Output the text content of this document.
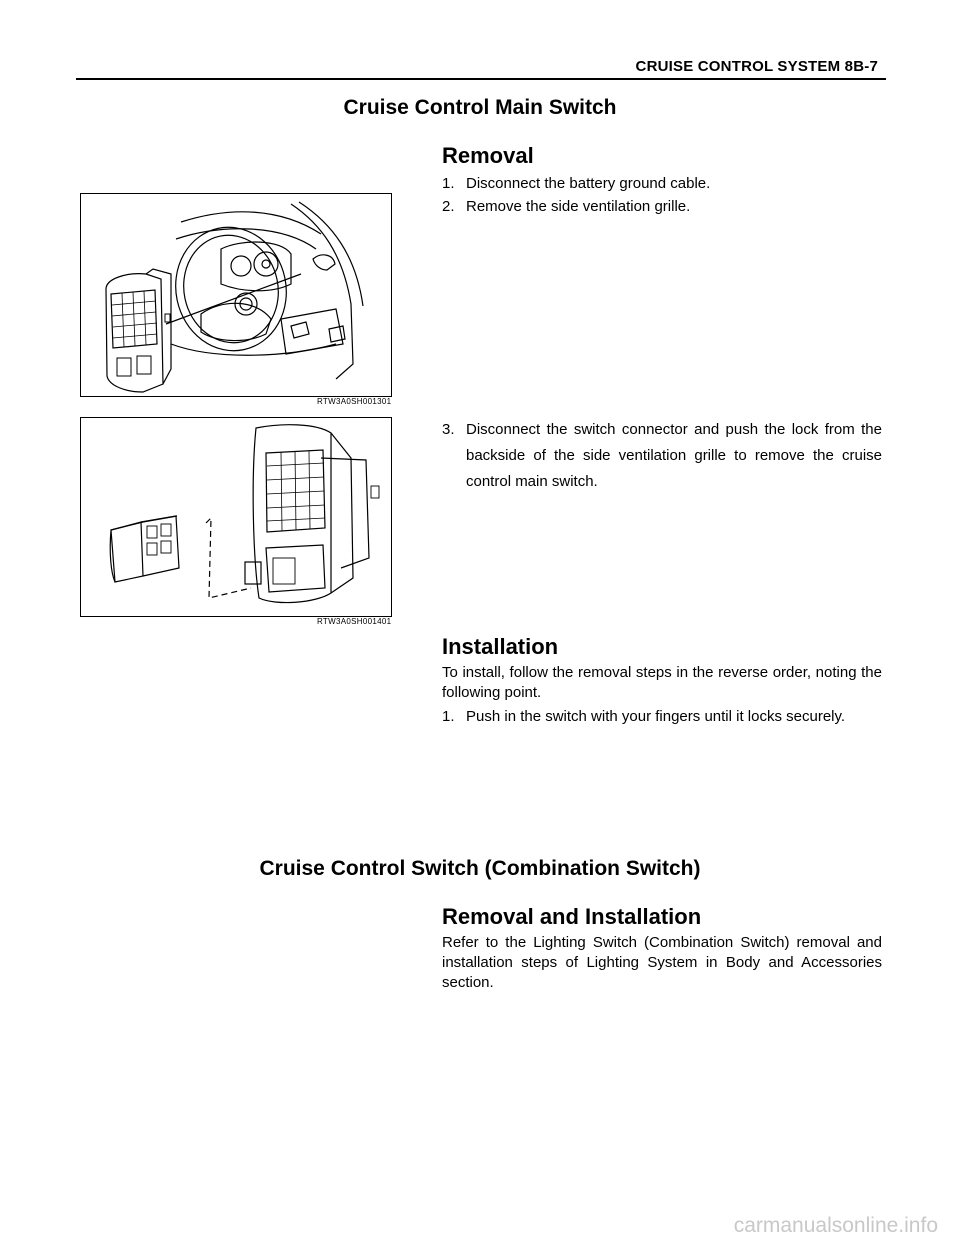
CRUISE CONTROL SYSTEM 8B-7
Cruise Control Main Switch
Removal
1. Disconnect the battery ground cable.
2. Remove the side ventilation grille.
RTW3A0SH001301
3. Disconnect the switch connector and push the lock from the backside of the side ventilation grille to remove the cruise control main switch.
RTW3A0SH001401
Installation
To install, follow the removal steps in the reverse order, noting the following point.
1. Push in the switch with your fingers until it locks securely.
Cruise Control Switch (Combination Switch)
Removal and Installation
Refer to the Lighting Switch (Combination Switch) removal and installation steps of Lighting System in Body and Accessories section.
carmanualsonline.info
